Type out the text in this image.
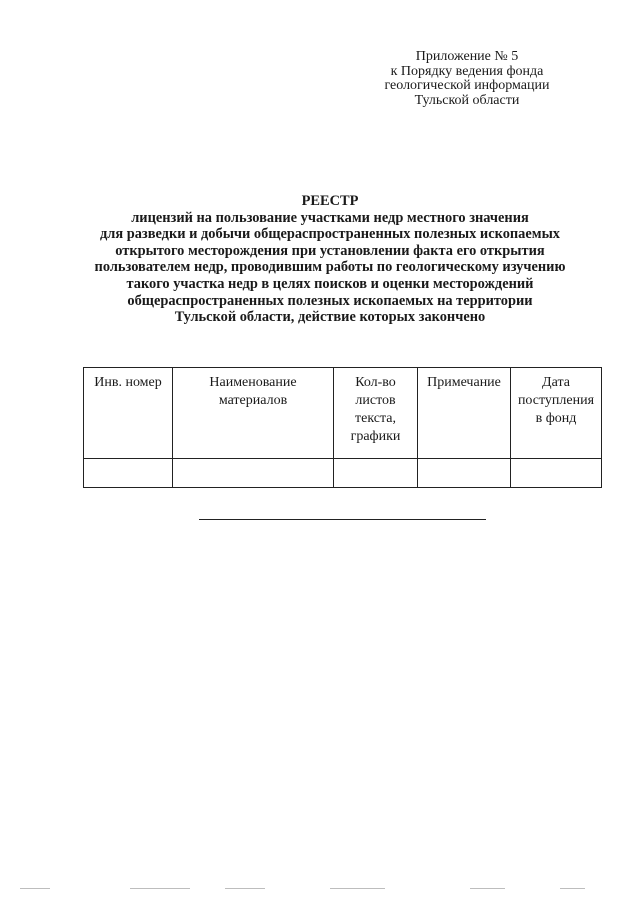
Приложение № 5
к Порядку ведения фонда
геологической информации
Тульской области
РЕЕСТР
лицензий на пользование участками недр местного значения
для разведки и добычи общераспространенных полезных ископаемых
открытого месторождения при установлении факта его открытия
пользователем недр, проводившим работы по геологическому изучению
такого участка недр в целях поисков и оценки месторождений
общераспространенных полезных ископаемых на территории
Тульской области, действие которых закончено
Инв. номер	Наименование материалов	Кол-во листов текста, графики	Примечание	Дата поступления в фонд
